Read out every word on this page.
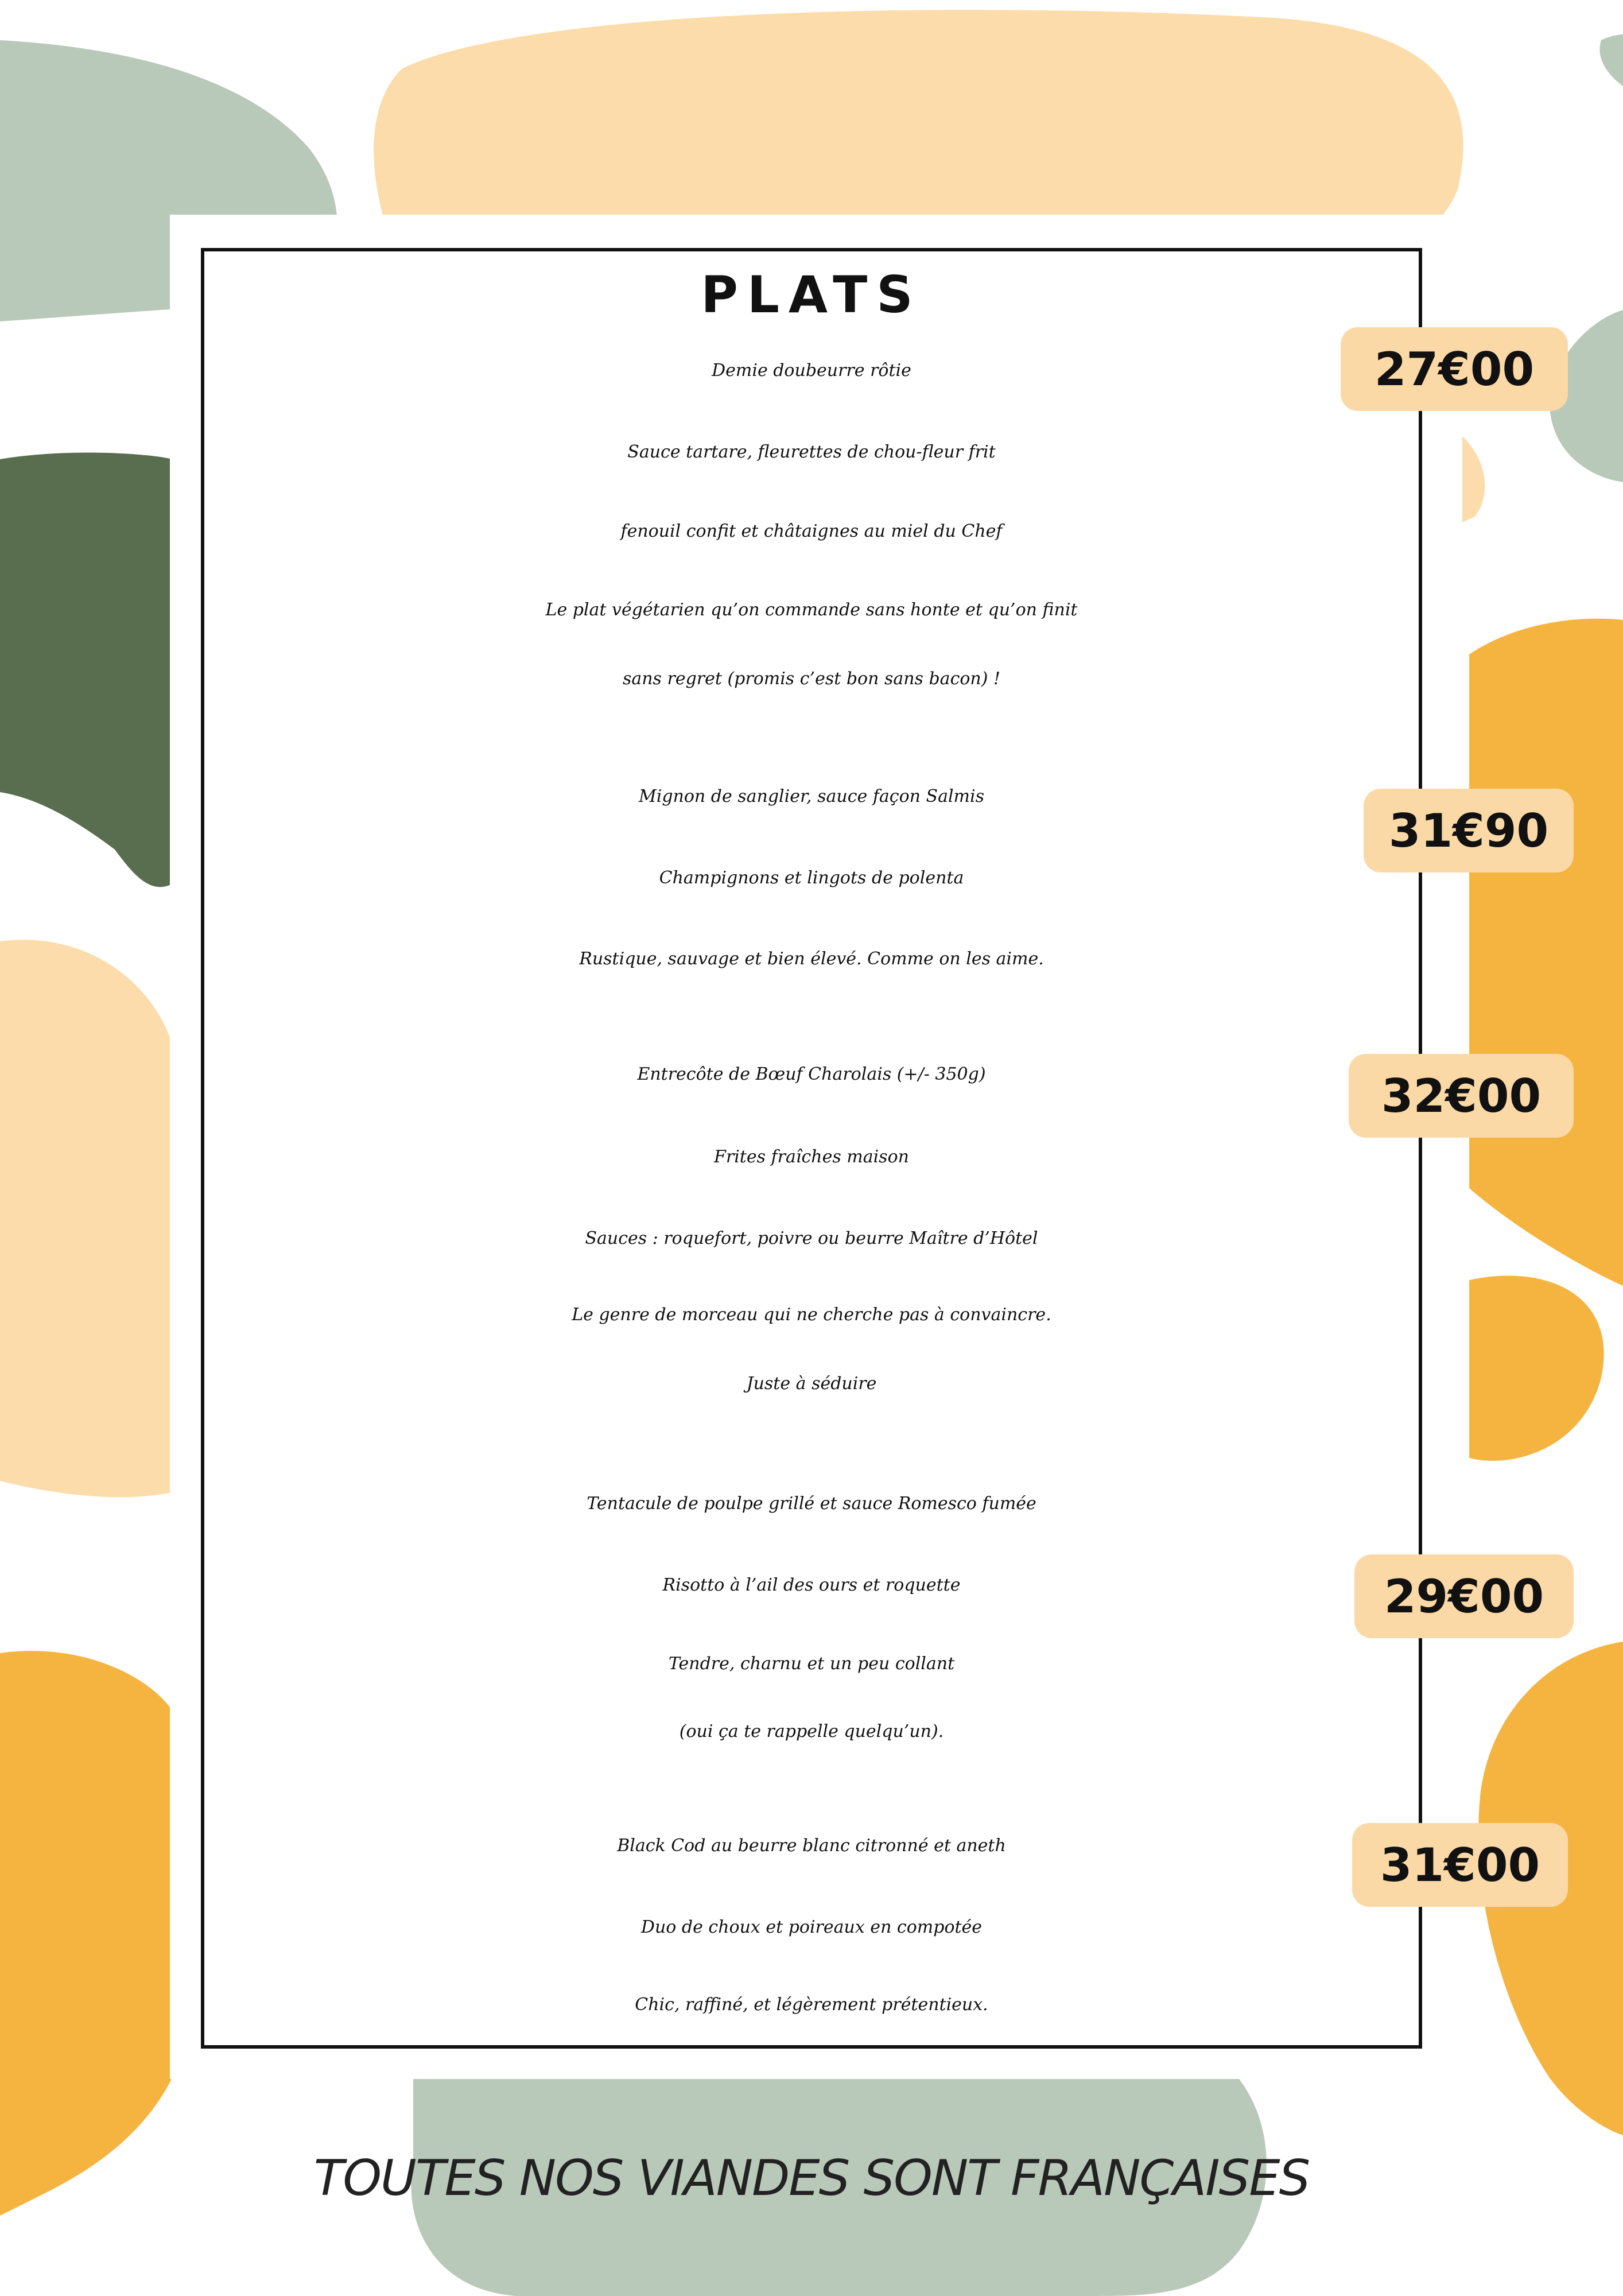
PLATS
Demie doubeurre rôtie
Sauce tartare, fleurettes de chou-fleur frit
fenouil confit et châtaignes au miel du Chef
Le plat végétarien qu’on commande sans honte et qu’on finit
sans regret (promis c’est bon sans bacon) !
27€00
Mignon de sanglier, sauce façon Salmis
Champignons et lingots de polenta
Rustique, sauvage et bien élevé. Comme on les aime.
31€90
Entrecôte de Bœuf Charolais (+/- 350g)
Frites fraîches maison
Sauces : roquefort, poivre ou beurre Maître d’Hôtel
Le genre de morceau qui ne cherche pas à convaincre.
Juste à séduire
32€00
Tentacule de poulpe grillé et sauce Romesco fumée
Risotto à l’ail des ours et roquette
Tendre, charnu et un peu collant
(oui ça te rappelle quelqu’un).
29€00
Black Cod au beurre blanc citronné et aneth
Duo de choux et poireaux en compotée
Chic, raffiné, et légèrement prétentieux.
31€00
TOUTES NOS VIANDES SONT FRANÇAISES
